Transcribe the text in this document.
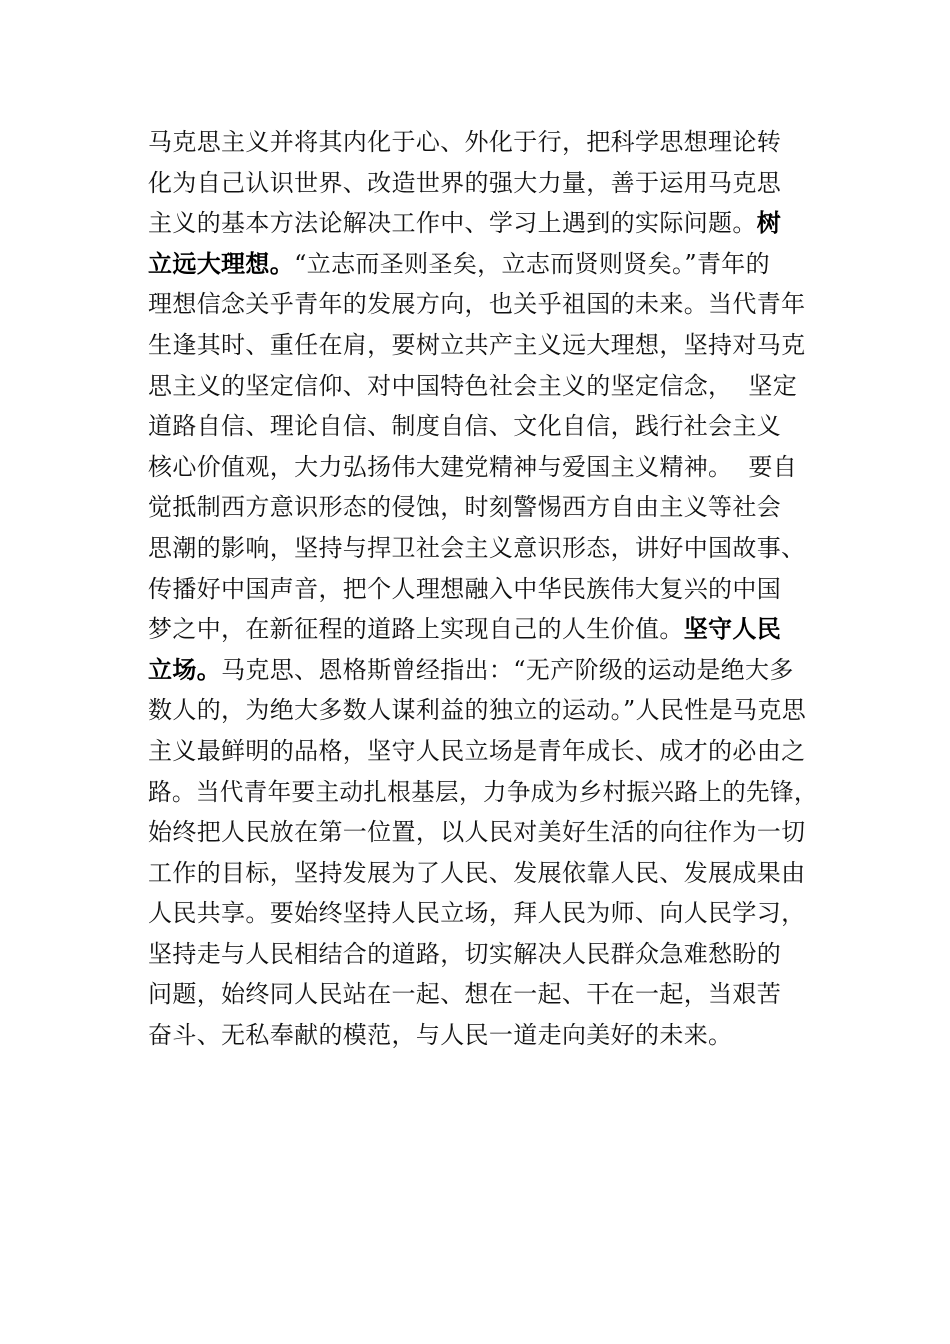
马克思主义并将其内化于心、外化于行，把科学思想理论转
化为自己认识世界、改造世界的强大力量，善于运用马克思
主义的基本方法论解决工作中、学习上遇到的实际问题。树
立远大理想。“立志而圣则圣矣，立志而贤则贤矣。”青年的
理想信念关乎青年的发展方向，也关乎祖国的未来。当代青年
生逢其时、重任在肩，要树立共产主义远大理想，坚持对马克
思主义的坚定信仰、对中国特色社会主义的坚定信念，  坚定
道路自信、理论自信、制度自信、文化自信，践行社会主义
核心价值观，大力弘扬伟大建党精神与爱国主义精神。  要自
觉抵制西方意识形态的侵蚀，时刻警惕西方自由主义等社会
思潮的影响，坚持与捍卫社会主义意识形态，讲好中国故事、
传播好中国声音，把个人理想融入中华民族伟大复兴的中国
梦之中，在新征程的道路上实现自己的人生价值。坚守人民
立场。马克思、恩格斯曾经指出：“无产阶级的运动是绝大多
数人的，为绝大多数人谋利益的独立的运动。”人民性是马克思
主义最鲜明的品格，坚守人民立场是青年成长、成才的必由之
路。当代青年要主动扎根基层，力争成为乡村振兴路上的先锋，
始终把人民放在第一位置，以人民对美好生活的向往作为一切
工作的目标，坚持发展为了人民、发展依靠人民、发展成果由
人民共享。要始终坚持人民立场，拜人民为师、向人民学习，
坚持走与人民相结合的道路，切实解决人民群众急难愁盼的
问题，始终同人民站在一起、想在一起、干在一起，当艰苦
奋斗、无私奉献的模范，与人民一道走向美好的未来。
